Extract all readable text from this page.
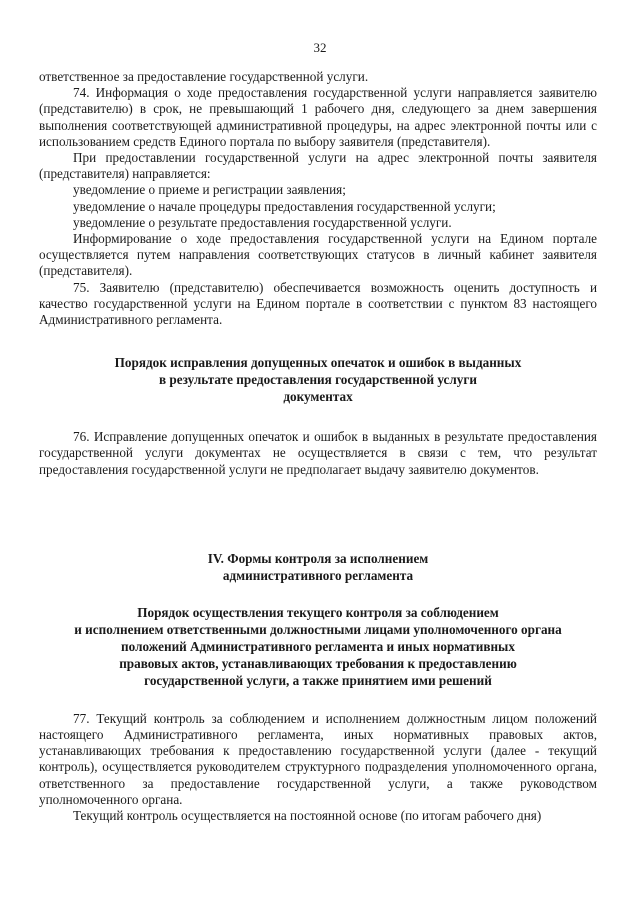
32

ответственное за предоставление государственной услуги.

74. Информация о ходе предоставления государственной услуги направляется заявителю (представителю) в срок, не превышающий 1 рабочего дня, следующего за днем завершения выполнения соответствующей административной процедуры, на адрес электронной почты или с использованием средств Единого портала по выбору заявителя (представителя).

При предоставлении государственной услуги на адрес электронной почты заявителя (представителя) направляется:

уведомление о приеме и регистрации заявления;

уведомление о начале процедуры предоставления государственной услуги;

уведомление о результате предоставления государственной услуги.

Информирование о ходе предоставления государственной услуги на Едином портале осуществляется путем направления соответствующих статусов в личный кабинет заявителя (представителя).

75. Заявителю (представителю) обеспечивается возможность оценить доступность и качество государственной услуги на Едином портале в соответствии с пунктом 83 настоящего Административного регламента.

Порядок исправления допущенных опечаток и ошибок в выданных
в результате предоставления государственной услуги
документах

76. Исправление допущенных опечаток и ошибок в выданных в результате предоставления государственной услуги документах не осуществляется в связи с тем, что результат предоставления государственной услуги не предполагает выдачу заявителю документов.

IV. Формы контроля за исполнением
административного регламента
Порядок осуществления текущего контроля за соблюдением
и исполнением ответственными должностными лицами уполномоченного органа
положений Административного регламента и иных нормативных
правовых актов, устанавливающих требования к предоставлению
государственной услуги, а также принятием ими решений

77. Текущий контроль за соблюдением и исполнением должностным лицом положений настоящего Административного регламента, иных нормативных правовых актов, устанавливающих требования к предоставлению государственной услуги (далее - текущий контроль), осуществляется руководителем структурного подразделения уполномоченного органа, ответственного за предоставление государственной услуги, а также руководством уполномоченного органа.

Текущий контроль осуществляется на постоянной основе (по итогам рабочего дня)
